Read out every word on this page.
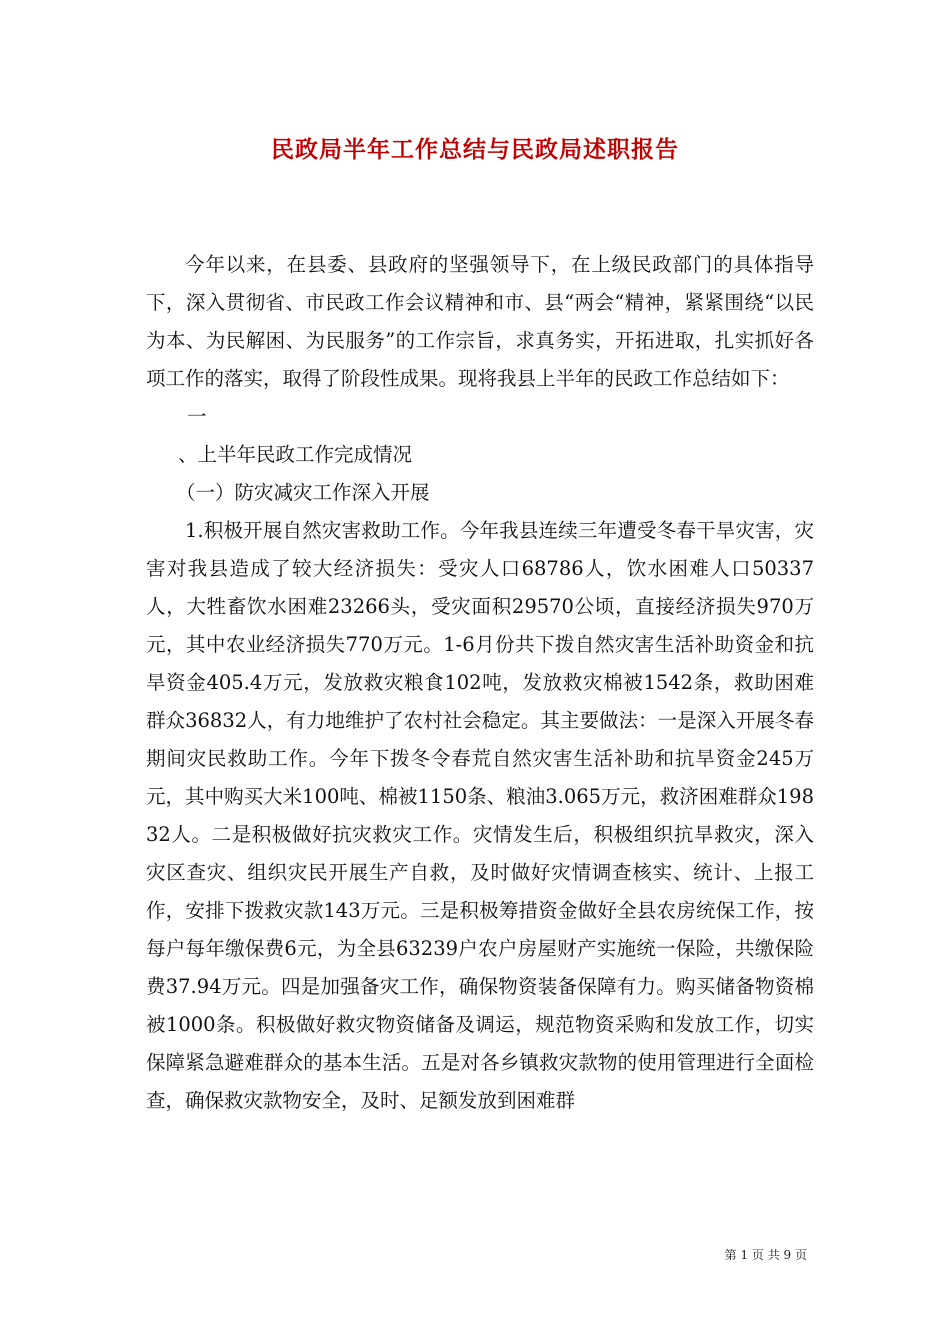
民政局半年工作总结与民政局述职报告

今年以来，在县委、县政府的坚强领导下，在上级民政部门的具体指导下，深入贯彻省、市民政工作会议精神和市、县“两会“精神，紧紧围绕“以民为本、为民解困、为民服务”的工作宗旨，求真务实，开拓进取，扎实抓好各项工作的落实，取得了阶段性成果。现将我县上半年的民政工作总结如下：

一

、上半年民政工作完成情况

（一）防灾减灾工作深入开展

1.积极开展自然灾害救助工作。今年我县连续三年遭受冬春干旱灾害，灾害对我县造成了较大经济损失：受灾人口68786人，饮水困难人口50337人，大牲畜饮水困难23266头，受灾面积29570公顷，直接经济损失970万元，其中农业经济损失770万元。1-6月份共下拨自然灾害生活补助资金和抗旱资金405.4万元，发放救灾粮食102吨，发放救灾棉被1542条，救助困难群众36832人，有力地维护了农村社会稳定。其主要做法：一是深入开展冬春期间灾民救助工作。今年下拨冬令春荒自然灾害生活补助和抗旱资金245万元，其中购买大米100吨、棉被1150条、粮油3.065万元，救济困难群众19832人。二是积极做好抗灾救灾工作。灾情发生后，积极组织抗旱救灾，深入灾区查灾、组织灾民开展生产自救，及时做好灾情调查核实、统计、上报工作，安排下拨救灾款143万元。三是积极筹措资金做好全县农房统保工作，按每户每年缴保费6元，为全县63239户农户房屋财产实施统一保险，共缴保险费37.94万元。四是加强备灾工作，确保物资装备保障有力。购买储备物资棉被1000条。积极做好救灾物资储备及调运，规范物资采购和发放工作，切实保障紧急避难群众的基本生活。五是对各乡镇救灾款物的使用管理进行全面检查，确保救灾款物安全，及时、足额发放到困难群

第 1 页 共 9 页
